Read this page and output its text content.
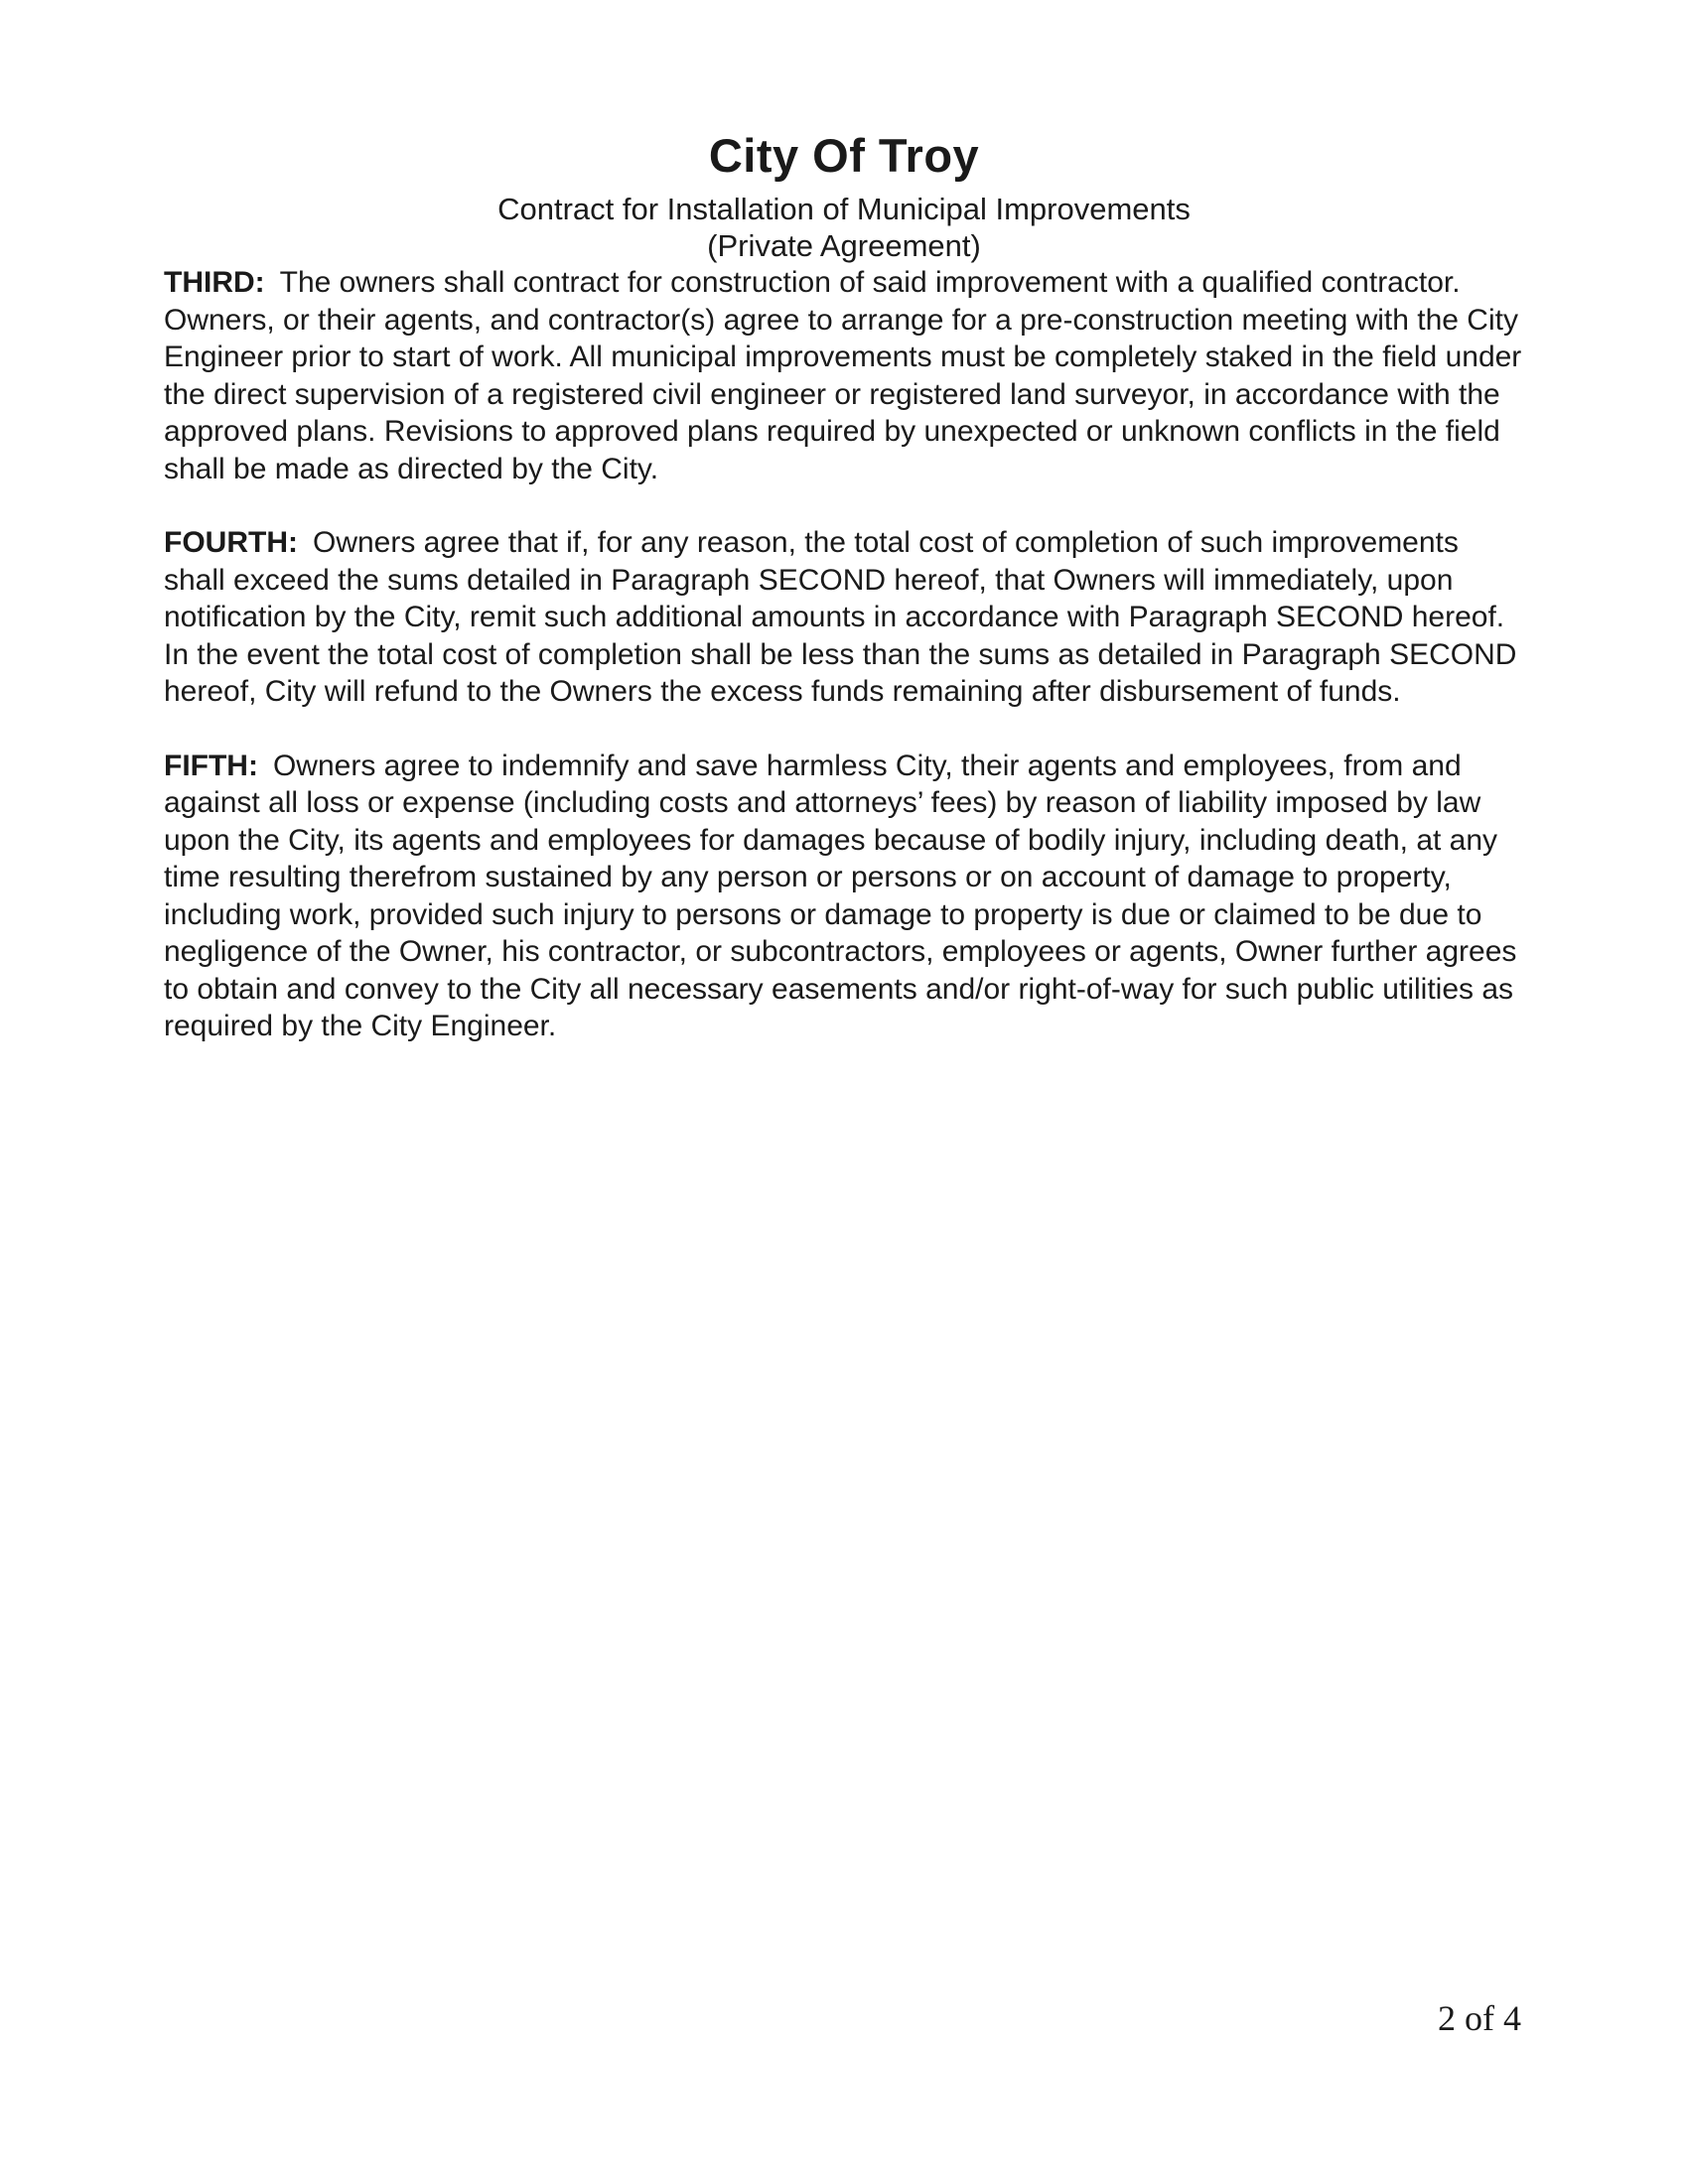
City Of Troy
Contract for Installation of Municipal Improvements
(Private Agreement)

THIRD: The owners shall contract for construction of said improvement with a qualified contractor. Owners, or their agents, and contractor(s) agree to arrange for a pre-construction meeting with the City Engineer prior to start of work. All municipal improvements must be completely staked in the field under the direct supervision of a registered civil engineer or registered land surveyor, in accordance with the approved plans. Revisions to approved plans required by unexpected or unknown conflicts in the field shall be made as directed by the City.

FOURTH: Owners agree that if, for any reason, the total cost of completion of such improvements shall exceed the sums detailed in Paragraph SECOND hereof, that Owners will immediately, upon notification by the City, remit such additional amounts in accordance with Paragraph SECOND hereof. In the event the total cost of completion shall be less than the sums as detailed in Paragraph SECOND hereof, City will refund to the Owners the excess funds remaining after disbursement of funds.

FIFTH: Owners agree to indemnify and save harmless City, their agents and employees, from and against all loss or expense (including costs and attorneys’ fees) by reason of liability imposed by law upon the City, its agents and employees for damages because of bodily injury, including death, at any time resulting therefrom sustained by any person or persons or on account of damage to property, including work, provided such injury to persons or damage to property is due or claimed to be due to negligence of the Owner, his contractor, or subcontractors, employees or agents, Owner further agrees to obtain and convey to the City all necessary easements and/or right-of-way for such public utilities as required by the City Engineer.

2 of 4
